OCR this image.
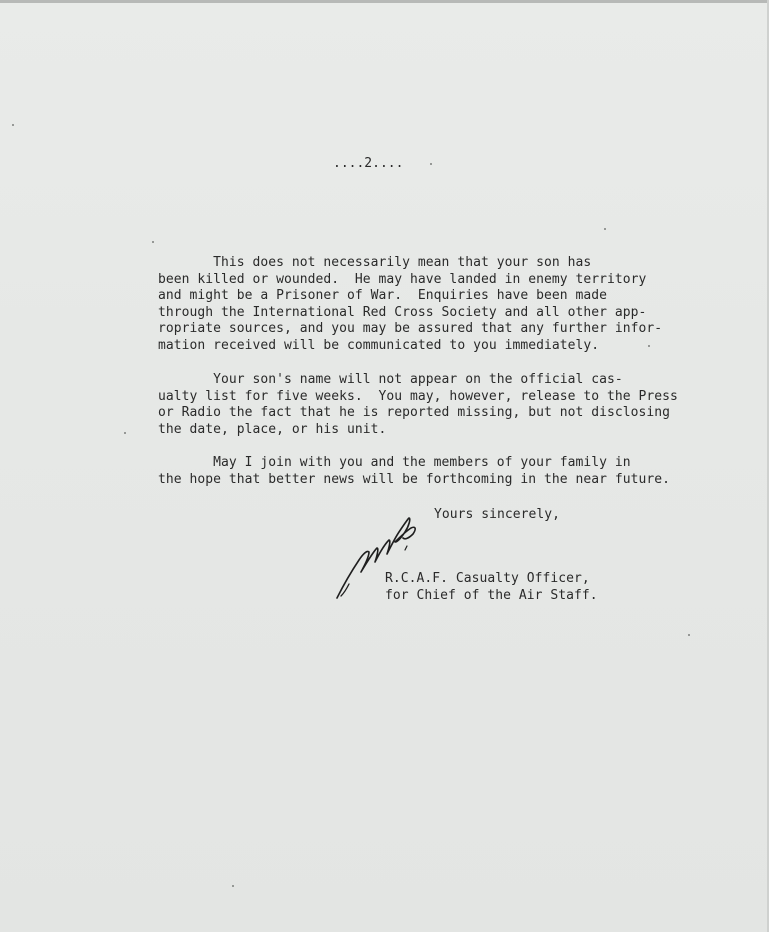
....2....
This does not necessarily mean that your son has
been killed or wounded.  He may have landed in enemy territory
and might be a Prisoner of War.  Enquiries have been made
through the International Red Cross Society and all other app-
ropriate sources, and you may be assured that any further infor-
mation received will be communicated to you immediately.
Your son's name will not appear on the official cas-
ualty list for five weeks.  You may, however, release to the Press
or Radio the fact that he is reported missing, but not disclosing
the date, place, or his unit.
May I join with you and the members of your family in
the hope that better news will be forthcoming in the near future.
Yours sincerely,
R.C.A.F. Casualty Officer,
for Chief of the Air Staff.
